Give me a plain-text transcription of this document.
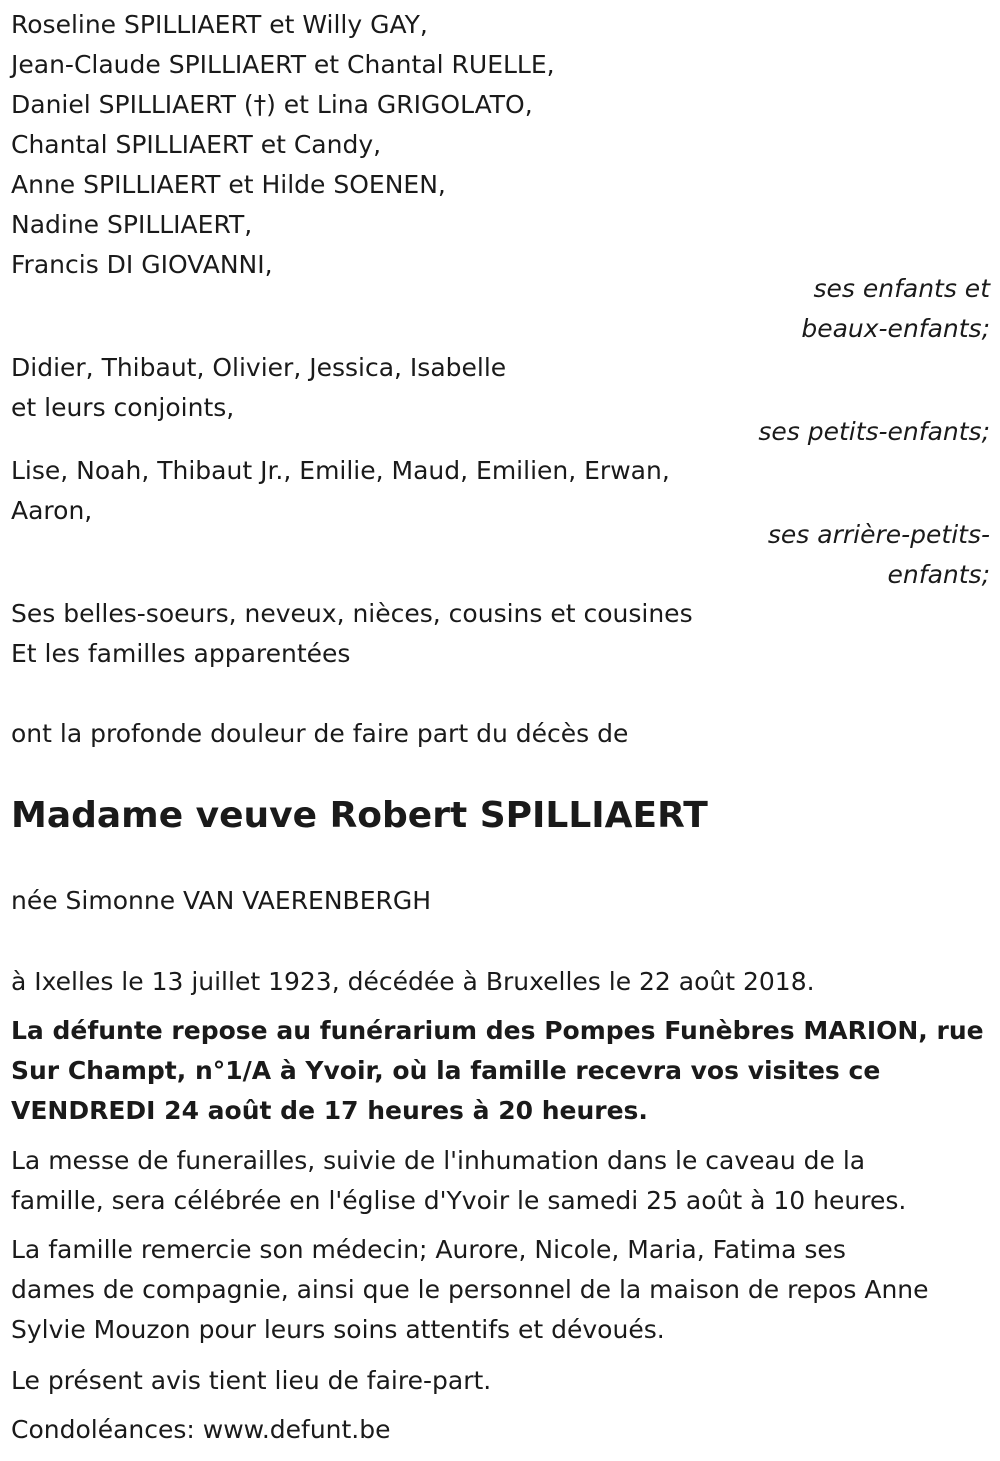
Roseline SPILLIAERT et Willy GAY,
Jean-Claude SPILLIAERT et Chantal RUELLE,
Daniel SPILLIAERT (†) et Lina GRIGOLATO,
Chantal SPILLIAERT et Candy,
Anne SPILLIAERT et Hilde SOENEN,
Nadine SPILLIAERT,
Francis DI GIOVANNI,
ses enfants et
beaux-enfants;
Didier, Thibaut, Olivier, Jessica, Isabelle
et leurs conjoints,
ses petits-enfants;
Lise, Noah, Thibaut Jr., Emilie, Maud, Emilien, Erwan,
Aaron,
ses arrière-petits-
enfants;
Ses belles-soeurs, neveux, nièces, cousins et cousines
Et les familles apparentées
ont la profonde douleur de faire part du décès de
Madame veuve Robert SPILLIAERT
née Simonne VAN VAERENBERGH
à Ixelles le 13 juillet 1923, décédée à Bruxelles le 22 août 2018.
La défunte repose au funérarium des Pompes Funèbres MARION, rue
Sur Champt, n°1/A à Yvoir, où la famille recevra vos visites ce
VENDREDI 24 août de 17 heures à 20 heures.
La messe de funerailles, suivie de l'inhumation dans le caveau de la
famille, sera célébrée en l'église d'Yvoir le samedi 25 août à 10 heures.
La famille remercie son médecin; Aurore, Nicole, Maria, Fatima ses
dames de compagnie, ainsi que le personnel de la maison de repos Anne
Sylvie Mouzon pour leurs soins attentifs et dévoués.
Le présent avis tient lieu de faire-part.
Condoléances: www.defunt.be
